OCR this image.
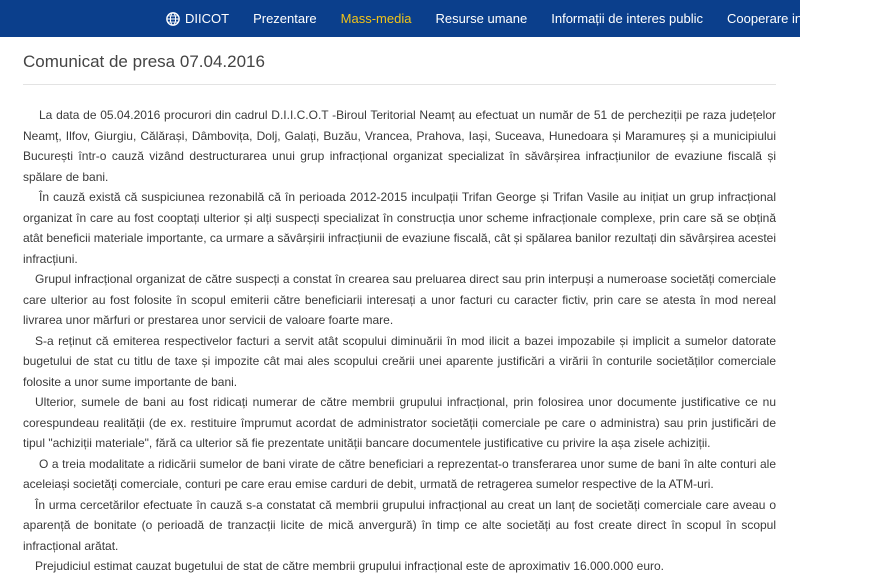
DIICOT Prezentare Mass-media Resurse umane Informații de interes public Cooperare internațională
Comunicat de presa 07.04.2016

La data de 05.04.2016 procurori din cadrul D.I.I.C.O.T -Biroul Teritorial Neamț au efectuat un număr de 51 de percheziții pe raza județelor Neamț, Ilfov, Giurgiu, Călărași, Dâmbovița, Dolj, Galați, Buzău, Vrancea, Prahova, Iași, Suceava, Hunedoara și Maramureș și a municipiului București într-o cauză vizând destructurarea unui grup infracțional organizat specializat în săvârșirea infracțiunilor de evaziune fiscală și spălare de bani.

În cauză există că suspiciunea rezonabilă că în perioada 2012-2015 inculpații Trifan George și Trifan Vasile au inițiat un grup infracțional organizat în care au fost cooptați ulterior și alți suspecți specializat în construcția unor scheme infracționale complexe, prin care să se obțină atât beneficii materiale importante, ca urmare a săvârșirii infracțiunii de evaziune fiscală, cât și spălarea banilor rezultați din săvârșirea acestei infracțiuni.

Grupul infracțional organizat de către suspecți a constat în crearea sau preluarea direct sau prin interpuși a numeroase societăți comerciale care ulterior au fost folosite în scopul emiterii către beneficiarii interesați a unor facturi cu caracter fictiv, prin care se atesta în mod nereal livrarea unor mărfuri or prestarea unor servicii de valoare foarte mare.

S-a reținut că emiterea respectivelor facturi a servit atât scopului diminuării în mod ilicit a bazei impozabile și implicit a sumelor datorate bugetului de stat cu titlu de taxe și impozite cât mai ales scopului creării unei aparente justificări a virării în conturile societăților comerciale folosite a unor sume importante de bani.

Ulterior, sumele de bani au fost ridicați numerar de către membrii grupului infracțional, prin folosirea unor documente justificative ce nu corespundeau realității (de ex. restituire împrumut acordat de administrator societății comerciale pe care o administra) sau prin justificări de tipul "achiziții materiale", fără ca ulterior să fie prezentate unității bancare documentele justificative cu privire la așa zisele achiziții.

O a treia modalitate a ridicării sumelor de bani virate de către beneficiari a reprezentat-o transferarea unor sume de bani în alte conturi ale aceleiași societăți comerciale, conturi pe care erau emise carduri de debit, urmată de retragerea sumelor respective de la ATM-uri.

În urma cercetărilor efectuate în cauză s-a constatat că membrii grupului infracțional au creat un lanț de societăți comerciale care aveau o aparență de bonitate (o perioadă de tranzacții licite de mică anvergură) în timp ce alte societăți au fost create direct în scopul în scopul infracțional arătat.

Prejudiciul estimat cauzat bugetului de stat de către membrii grupului infracțional este de aproximativ 16.000.000 euro.
